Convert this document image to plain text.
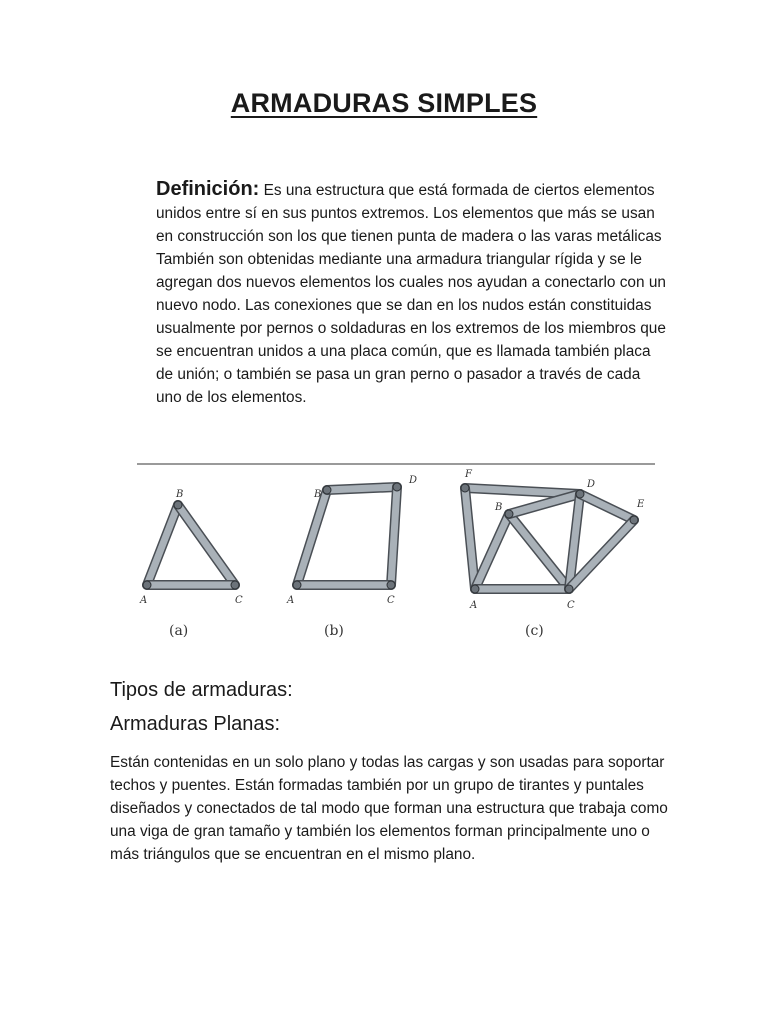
ARMADURAS SIMPLES
Definición: Es una estructura que está formada de ciertos elementos unidos entre sí en sus puntos extremos. Los elementos que más se usan en construcción son los que tienen punta de madera o las varas metálicas También son obtenidas mediante una armadura triangular rígida y se le agregan dos nuevos elementos los cuales nos ayudan a conectarlo con un nuevo nodo. Las conexiones que se dan en los nudos están constituidas usualmente por pernos o soldaduras en los extremos de los miembros que se encuentran unidos a una placa común, que es llamada también placa de unión; o también se pasa un gran perno o pasador a través de cada uno de los elementos.
B
A	C
(a)
B
D
A	C
(b)
F
D
B	E
A	C
(c)
Tipos de armaduras:
Armaduras Planas:
Están contenidas en un solo plano y todas las cargas y son usadas para soportar techos y puentes. Están formadas también por un grupo de tirantes y puntales diseñados y conectados de tal modo que forman una estructura que trabaja como una viga de gran tamaño y también los elementos forman principalmente uno o más triángulos que se encuentran en el mismo plano.
